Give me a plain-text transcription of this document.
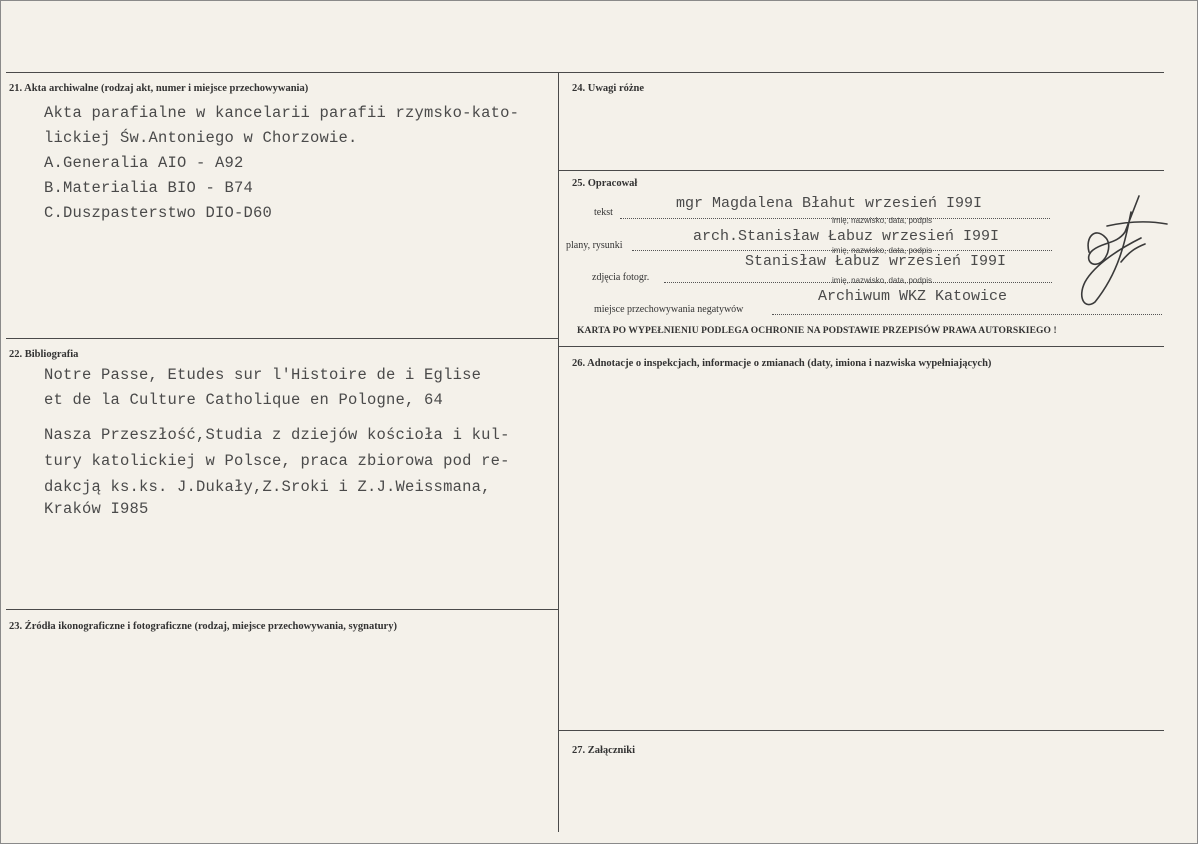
21. Akta archiwalne (rodzaj akt, numer i miejsce przechowywania)
Akta parafialne w kancelarii parafii rzymsko-kato-
lickiej Św.Antoniego w Chorzowie.
A.Generalia AIO - A92
B.Materialia BIO - B74
C.Duszpasterstwo DIO-D60
22. Bibliografia
Notre Passe, Etudes sur l'Histoire de i Eglise
et de la Culture Catholique en Pologne, 64
Nasza Przeszłość,Studia z dziejów kościoła i kul-
tury katolickiej w Polsce, praca zbiorowa pod re-
dakcją ks.ks. J.Dukały,Z.Sroki i Z.J.Weissmana,
Kraków I985
23. Źródła ikonograficzne i fotograficzne (rodzaj, miejsce przechowywania, sygnatury)
24. Uwagi różne
25. Opracował
tekst
mgr Magdalena Błahut wrzesień I99I
imię, nazwisko, data, podpis
plany, rysunki
arch.Stanisław Łabuz wrzesień I99I
imię, nazwisko, data, podpis
zdjęcia fotogr.
Stanisław Łabuz wrzesień I99I
imię, nazwisko, data, podpis
miejsce przechowywania negatywów
Archiwum WKZ Katowice
KARTA PO WYPEŁNIENIU PODLEGA OCHRONIE NA PODSTAWIE PRZEPISÓW PRAWA AUTORSKIEGO !
26. Adnotacje o inspekcjach, informacje o zmianach (daty, imiona i nazwiska wypełniających)
27. Załączniki
